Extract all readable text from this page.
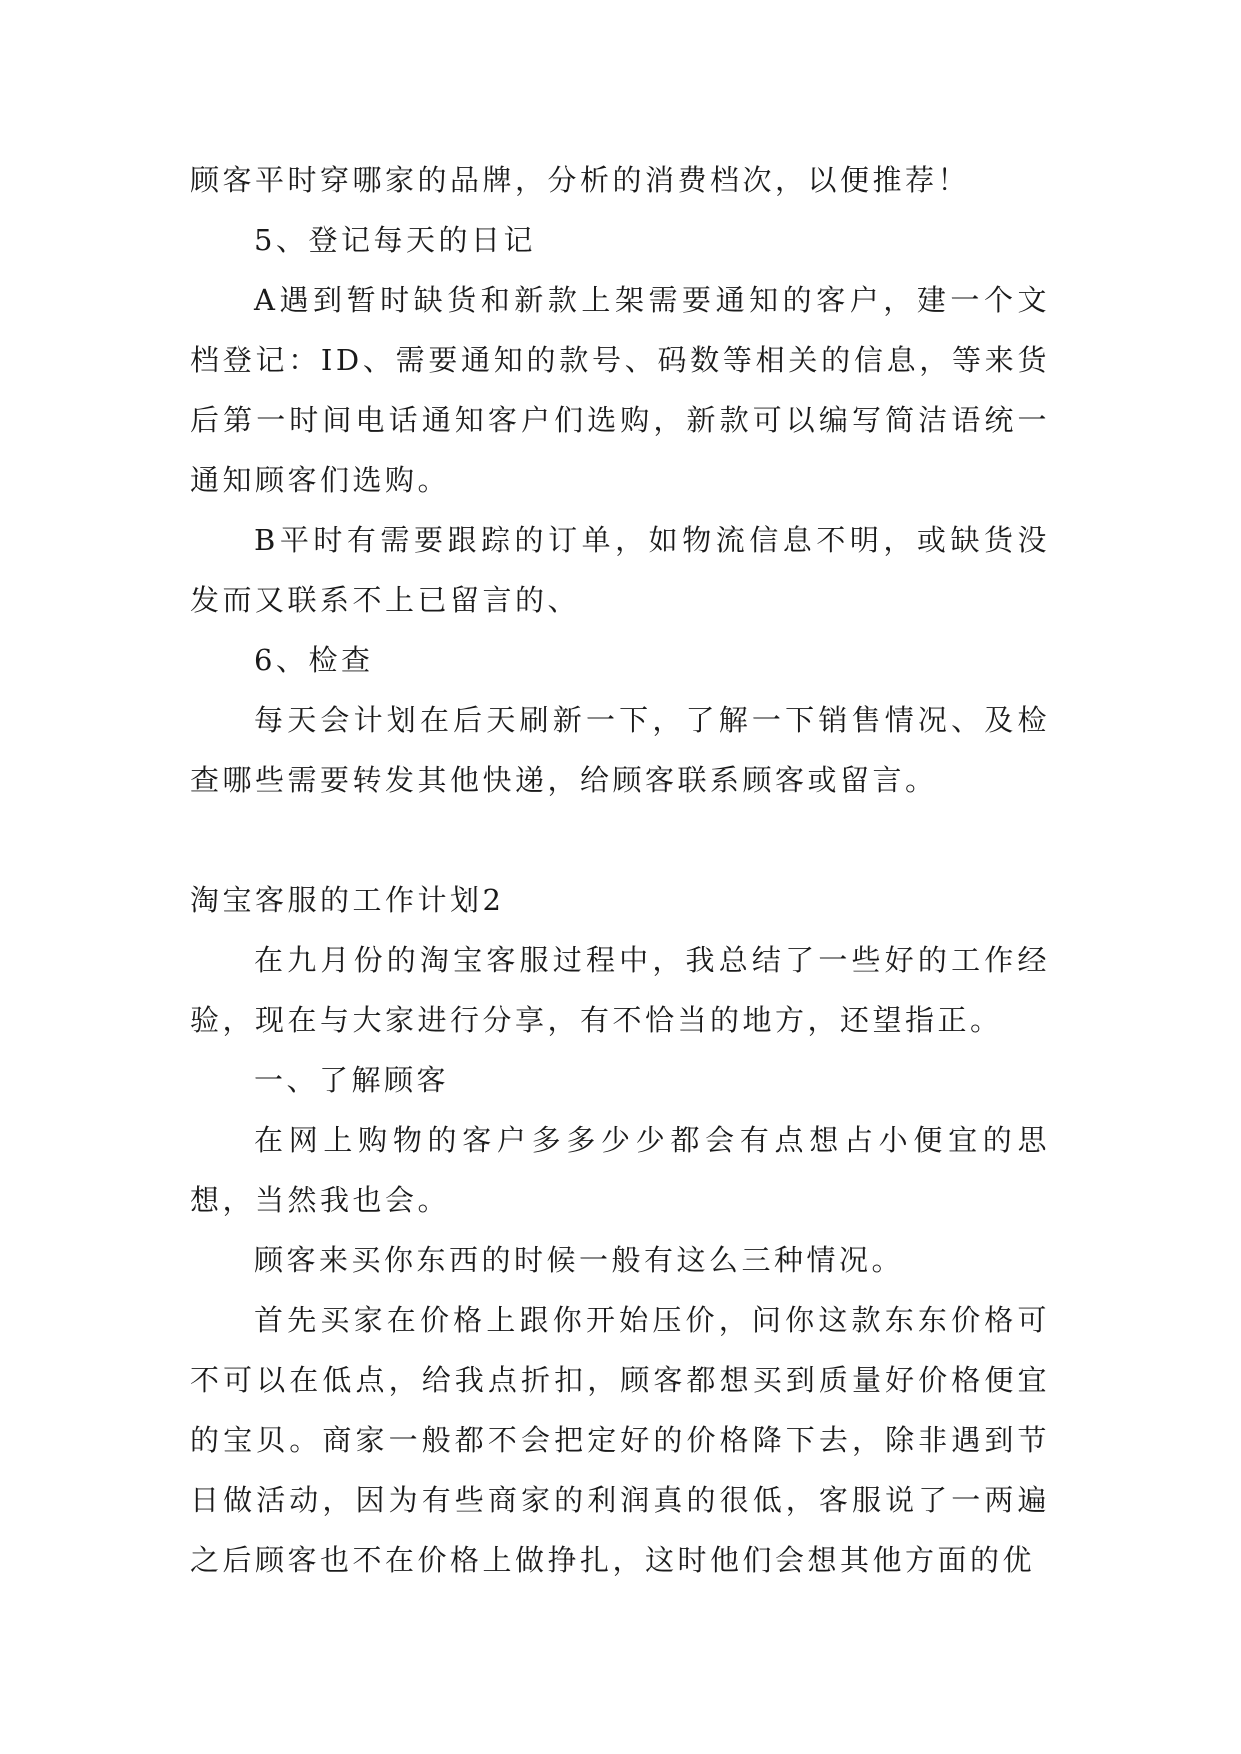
顾客平时穿哪家的品牌，分析的消费档次，以便推荐！

5、登记每天的日记

A遇到暂时缺货和新款上架需要通知的客户，建一个文档登记：ID、需要通知的款号、码数等相关的信息，等来货后第一时间电话通知客户们选购，新款可以编写简洁语统一通知顾客们选购。

B平时有需要跟踪的订单，如物流信息不明，或缺货没发而又联系不上已留言的、

6、检查

每天会计划在后天刷新一下，了解一下销售情况、及检查哪些需要转发其他快递，给顾客联系顾客或留言。

淘宝客服的工作计划2

在九月份的淘宝客服过程中，我总结了一些好的工作经验，现在与大家进行分享，有不恰当的地方，还望指正。

一、了解顾客

在网上购物的客户多多少少都会有点想占小便宜的思想，当然我也会。

顾客来买你东西的时候一般有这么三种情况。

首先买家在价格上跟你开始压价，问你这款东东价格可不可以在低点，给我点折扣，顾客都想买到质量好价格便宜的宝贝。商家一般都不会把定好的价格降下去，除非遇到节日做活动，因为有些商家的利润真的很低，客服说了一两遍之后顾客也不在价格上做挣扎，这时他们会想其他方面的优
